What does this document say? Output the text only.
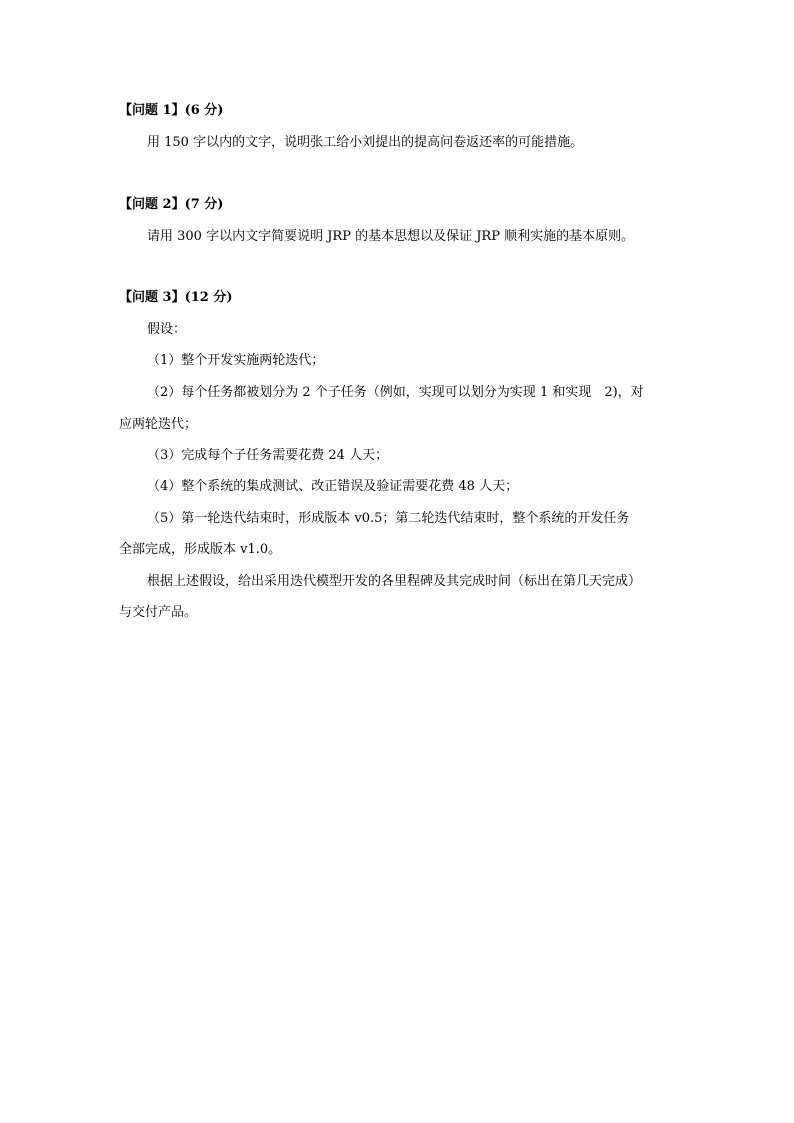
【问题 1】(6 分)
用 150 字以内的文字，说明张工给小刘提出的提高问卷返还率的可能措施。
【问题 2】(7 分)
请用 300 字以内文字简要说明 JRP 的基本思想以及保证 JRP 顺利实施的基本原则。
【问题 3】(12 分)
假设：
（1）整个开发实施两轮迭代；
（2）每个任务都被划分为 2 个子任务（例如，实现可以划分为实现 1 和实现　2)，对
应两轮迭代；
（3）完成每个子任务需要花费 24 人天；
（4）整个系统的集成测试、改正错误及验证需要花费 48 人天；
（5）第一轮迭代结束时，形成版本 v0.5；第二轮迭代结束时，整个系统的开发任务
全部完成，形成版本 v1.0。
根据上述假设，给出采用迭代模型开发的各里程碑及其完成时间（标出在第几天完成）
与交付产品。
